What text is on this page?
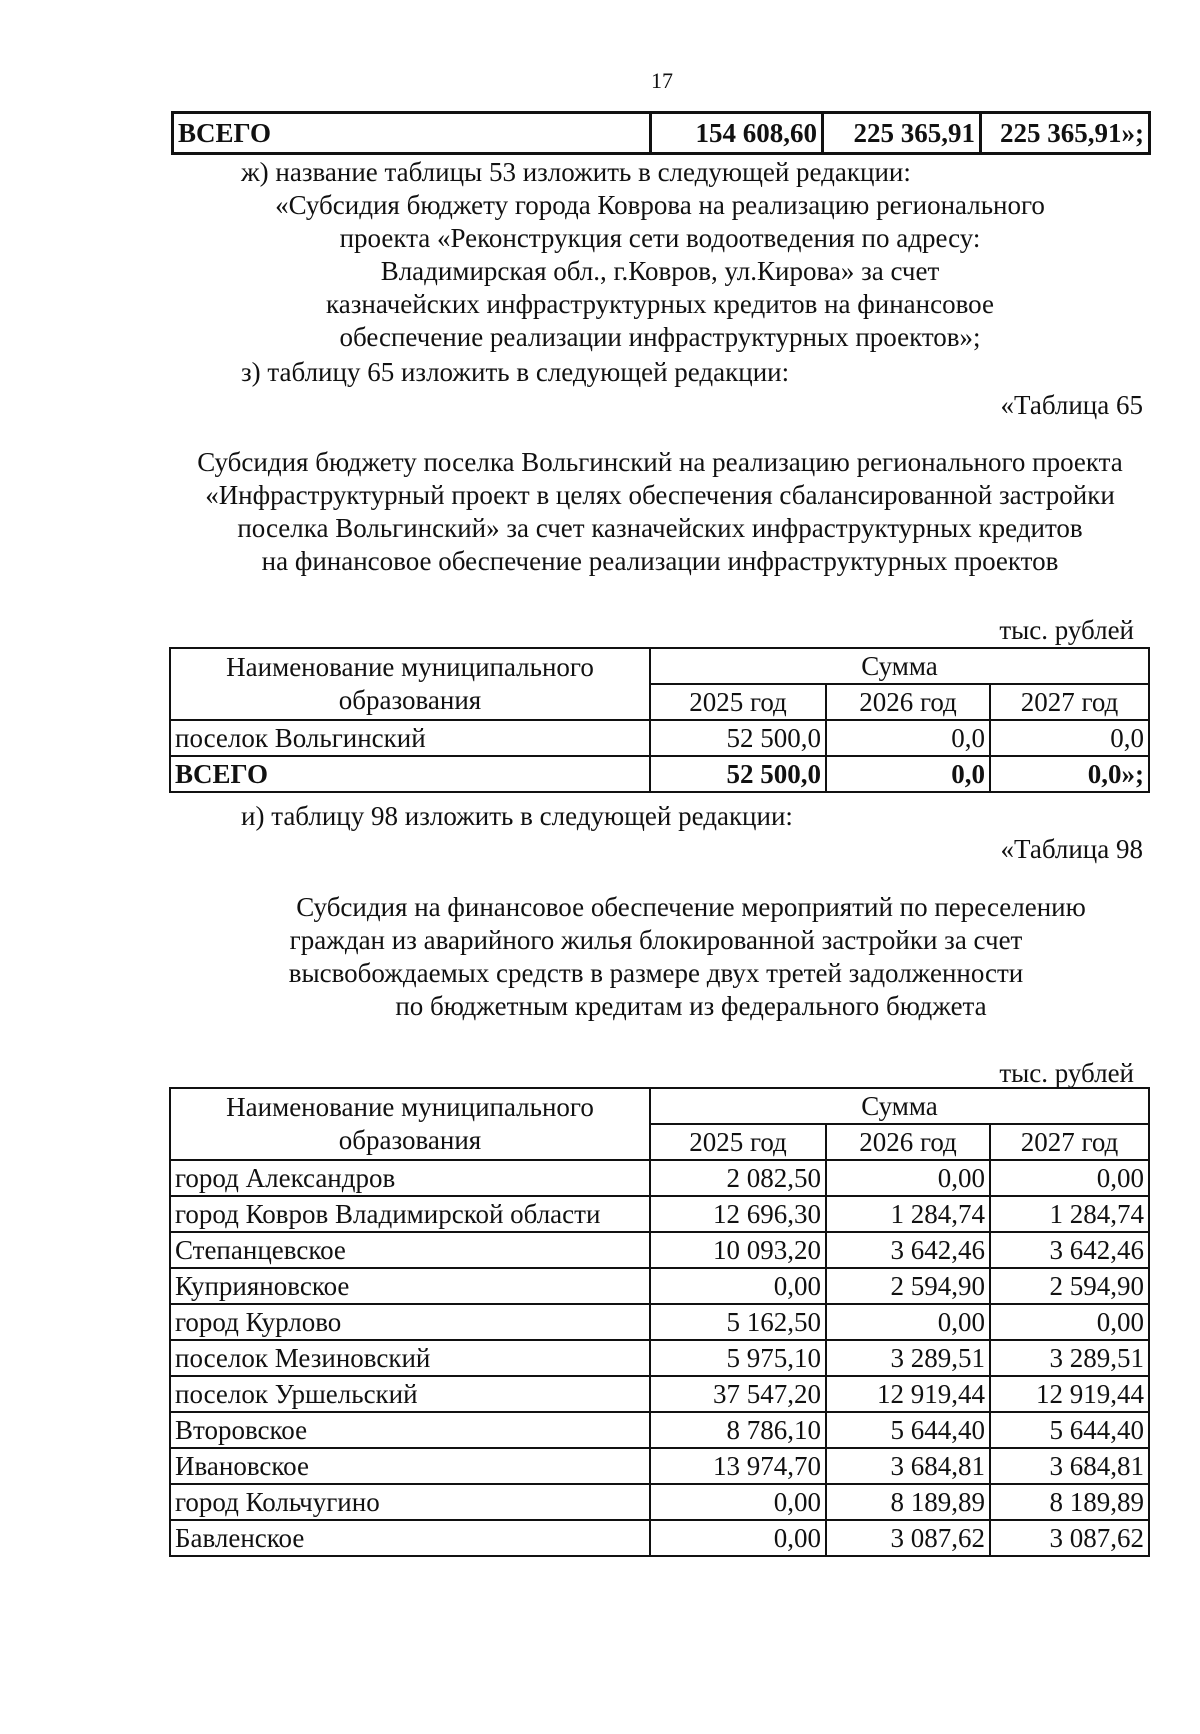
17
ВСЕГО	154 608,60	225 365,91	225 365,91»;
ж) название таблицы 53 изложить в следующей редакции:
«Субсидия бюджету города Коврова на реализацию регионального
проекта «Реконструкция сети водоотведения по адресу:
Владимирская обл., г.Ковров, ул.Кирова» за счет
казначейских инфраструктурных кредитов на финансовое
обеспечение реализации инфраструктурных проектов»;
з) таблицу 65 изложить в следующей редакции:
«Таблица 65
Субсидия бюджету поселка Вольгинский на реализацию регионального проекта
«Инфраструктурный проект в целях обеспечения сбалансированной застройки
поселка Вольгинский» за счет казначейских инфраструктурных кредитов
на финансовое обеспечение реализации инфраструктурных проектов
тыс. рублей
Наименование муниципального образования	Сумма		
	2025 год	2026 год	2027 год
поселок Вольгинский	52 500,0	0,0	0,0
ВСЕГО	52 500,0	0,0	0,0»;
и) таблицу 98 изложить в следующей редакции:
«Таблица 98
Субсидия на финансовое обеспечение мероприятий по переселению
граждан из аварийного жилья блокированной застройки за счет
высвобождаемых средств в размере двух третей задолженности
по бюджетным кредитам из федерального бюджета
тыс. рублей
Наименование муниципального образования	Сумма		
	2025 год	2026 год	2027 год
город Александров	2 082,50	0,00	0,00
город Ковров Владимирской области	12 696,30	1 284,74	1 284,74
Степанцевское	10 093,20	3 642,46	3 642,46
Куприяновское	0,00	2 594,90	2 594,90
город Курлово	5 162,50	0,00	0,00
поселок Мезиновский	5 975,10	3 289,51	3 289,51
поселок Уршельский	37 547,20	12 919,44	12 919,44
Второвское	8 786,10	5 644,40	5 644,40
Ивановское	13 974,70	3 684,81	3 684,81
город Кольчугино	0,00	8 189,89	8 189,89
Бавленское	0,00	3 087,62	3 087,62
